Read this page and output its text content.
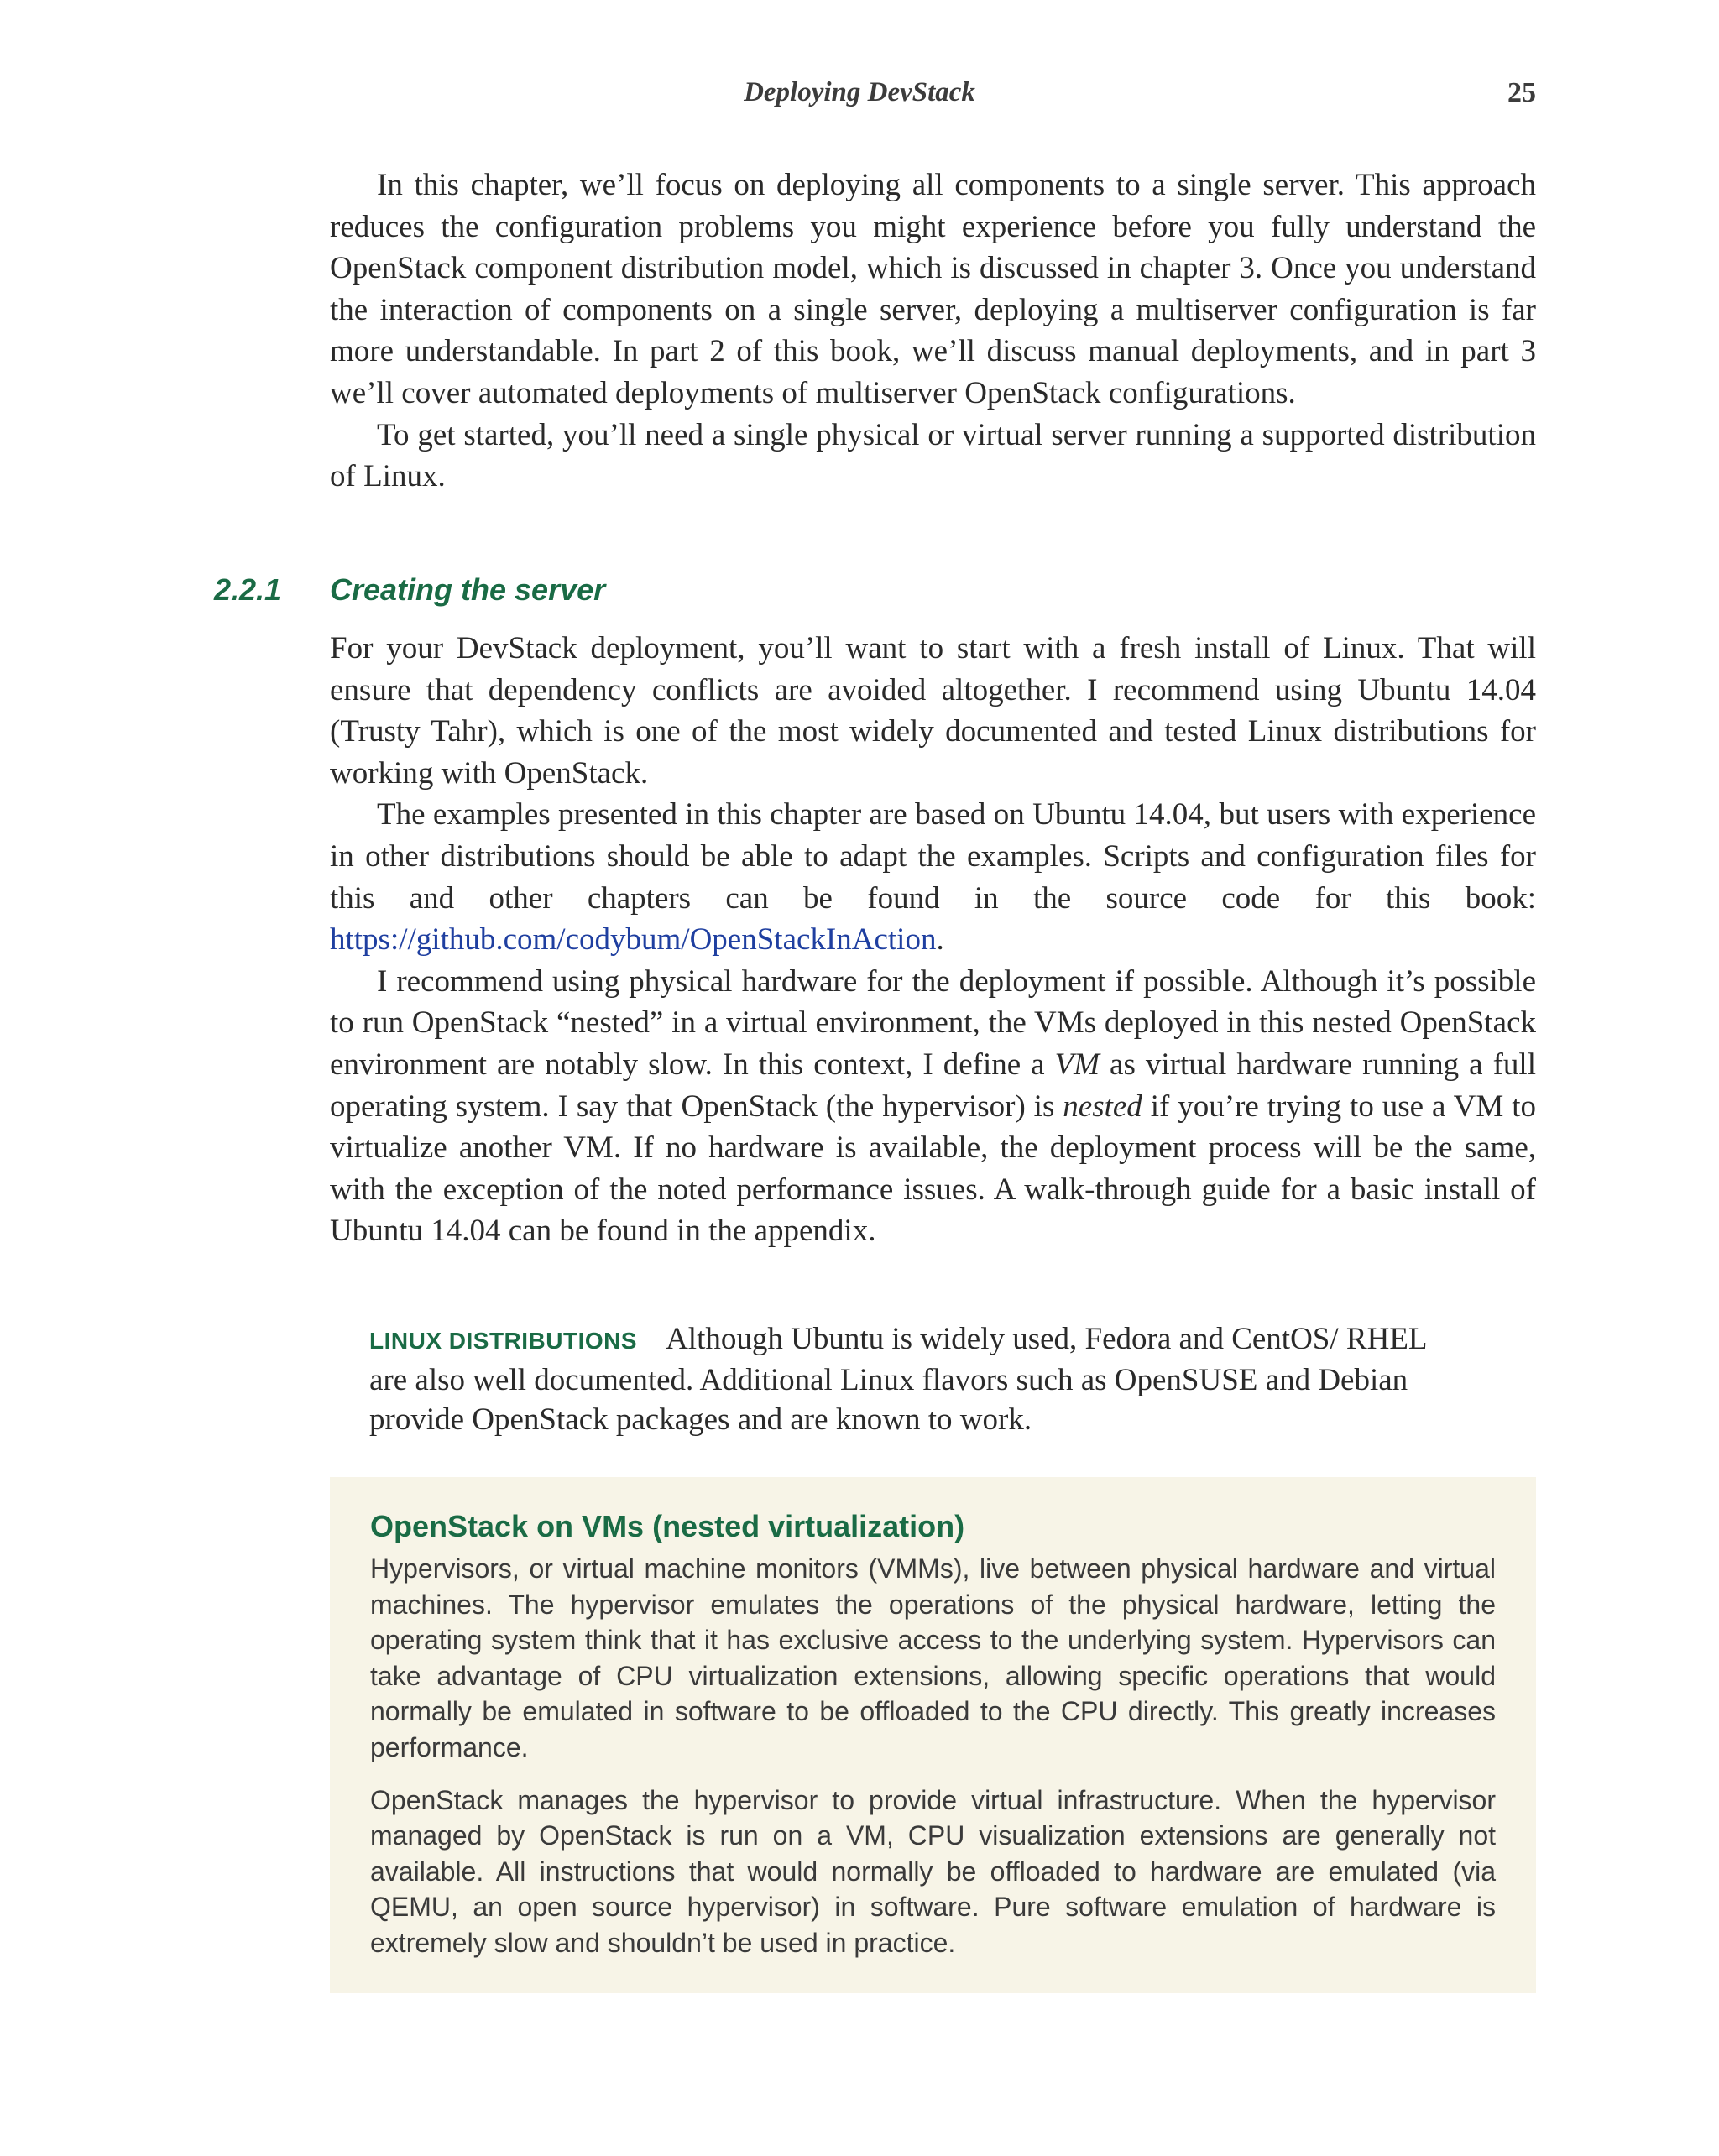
Deploying DevStack	25

In this chapter, we’ll focus on deploying all components to a single server. This approach reduces the configuration problems you might experience before you fully understand the OpenStack component distribution model, which is discussed in chapter 3. Once you understand the interaction of components on a single server, deploying a multiserver configuration is far more understandable. In part 2 of this book, we’ll discuss manual deployments, and in part 3 we’ll cover automated deployments of multiserver OpenStack configurations.

To get started, you’ll need a single physical or virtual server running a supported distribution of Linux.

2.2.1 Creating the server

For your DevStack deployment, you’ll want to start with a fresh install of Linux. That will ensure that dependency conflicts are avoided altogether. I recommend using Ubuntu 14.04 (Trusty Tahr), which is one of the most widely documented and tested Linux distributions for working with OpenStack.

The examples presented in this chapter are based on Ubuntu 14.04, but users with experience in other distributions should be able to adapt the examples. Scripts and configuration files for this and other chapters can be found in the source code for this book: https://github.com/codybum/OpenStackInAction.

I recommend using physical hardware for the deployment if possible. Although it’s possible to run OpenStack “nested” in a virtual environment, the VMs deployed in this nested OpenStack environment are notably slow. In this context, I define a VM as virtual hardware running a full operating system. I say that OpenStack (the hypervisor) is nested if you’re trying to use a VM to virtualize another VM. If no hardware is available, the deployment process will be the same, with the exception of the noted performance issues. A walk-through guide for a basic install of Ubuntu 14.04 can be found in the appendix.

LINUX DISTRIBUTIONS Although Ubuntu is widely used, Fedora and CentOS/ RHEL are also well documented. Additional Linux flavors such as OpenSUSE and Debian provide OpenStack packages and are known to work.
OpenStack on VMs (nested virtualization)

Hypervisors, or virtual machine monitors (VMMs), live between physical hardware and virtual machines. The hypervisor emulates the operations of the physical hardware, letting the operating system think that it has exclusive access to the underlying system. Hypervisors can take advantage of CPU virtualization extensions, allowing specific operations that would normally be emulated in software to be offloaded to the CPU directly. This greatly increases performance.

OpenStack manages the hypervisor to provide virtual infrastructure. When the hypervisor managed by OpenStack is run on a VM, CPU visualization extensions are generally not available. All instructions that would normally be offloaded to hardware are emulated (via QEMU, an open source hypervisor) in software. Pure software emulation of hardware is extremely slow and shouldn’t be used in practice.
